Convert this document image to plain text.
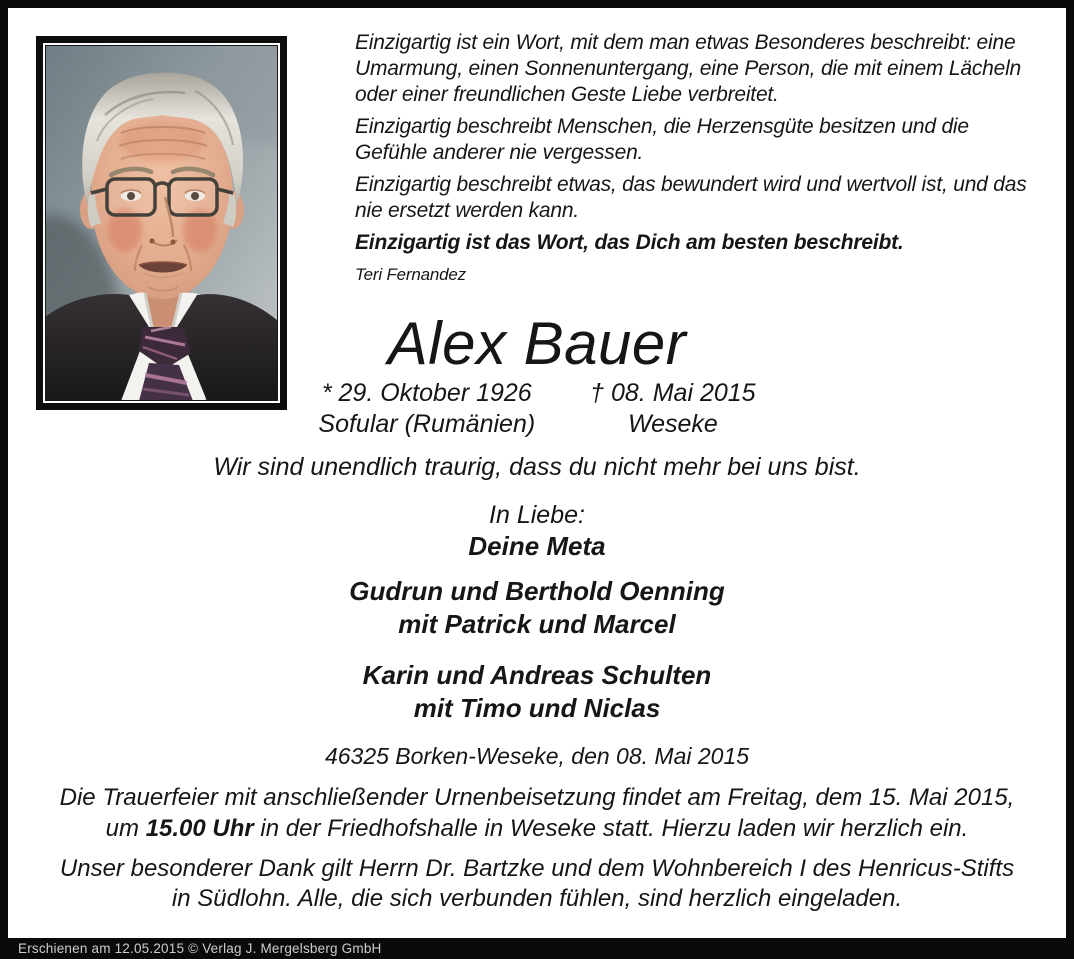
Einzigartig ist ein Wort, mit dem man etwas Besonderes beschreibt: eine Umarmung, einen Sonnenuntergang, eine Person, die mit einem Lächeln oder einer freundlichen Geste Liebe verbreitet.

Einzigartig beschreibt Menschen, die Herzensgüte besitzen und die Gefühle anderer nie vergessen.

Einzigartig beschreibt etwas, das bewundert wird und wertvoll ist, und das nie ersetzt werden kann.

Einzigartig ist das Wort, das Dich am besten beschreibt.

Teri Fernandez

Alex Bauer
* 29. Oktober 1926
Sofular (Rumänien)
† 08. Mai 2015
Weseke
Wir sind unendlich traurig, dass du nicht mehr bei uns bist.
In Liebe:
Deine Meta
Gudrun und Berthold Oenning
mit Patrick und Marcel
Karin und Andreas Schulten
mit Timo und Niclas
46325 Borken-Weseke, den 08. Mai 2015
Die Trauerfeier mit anschließender Urnenbeisetzung findet am Freitag, dem 15. Mai 2015,
um 15.00 Uhr in der Friedhofshalle in Weseke statt. Hierzu laden wir herzlich ein.
Unser besonderer Dank gilt Herrn Dr. Bartzke und dem Wohnbereich I des Henricus-Stifts
in Südlohn. Alle, die sich verbunden fühlen, sind herzlich eingeladen.
Erschienen am 12.05.2015 © Verlag J. Mergelsberg GmbH
